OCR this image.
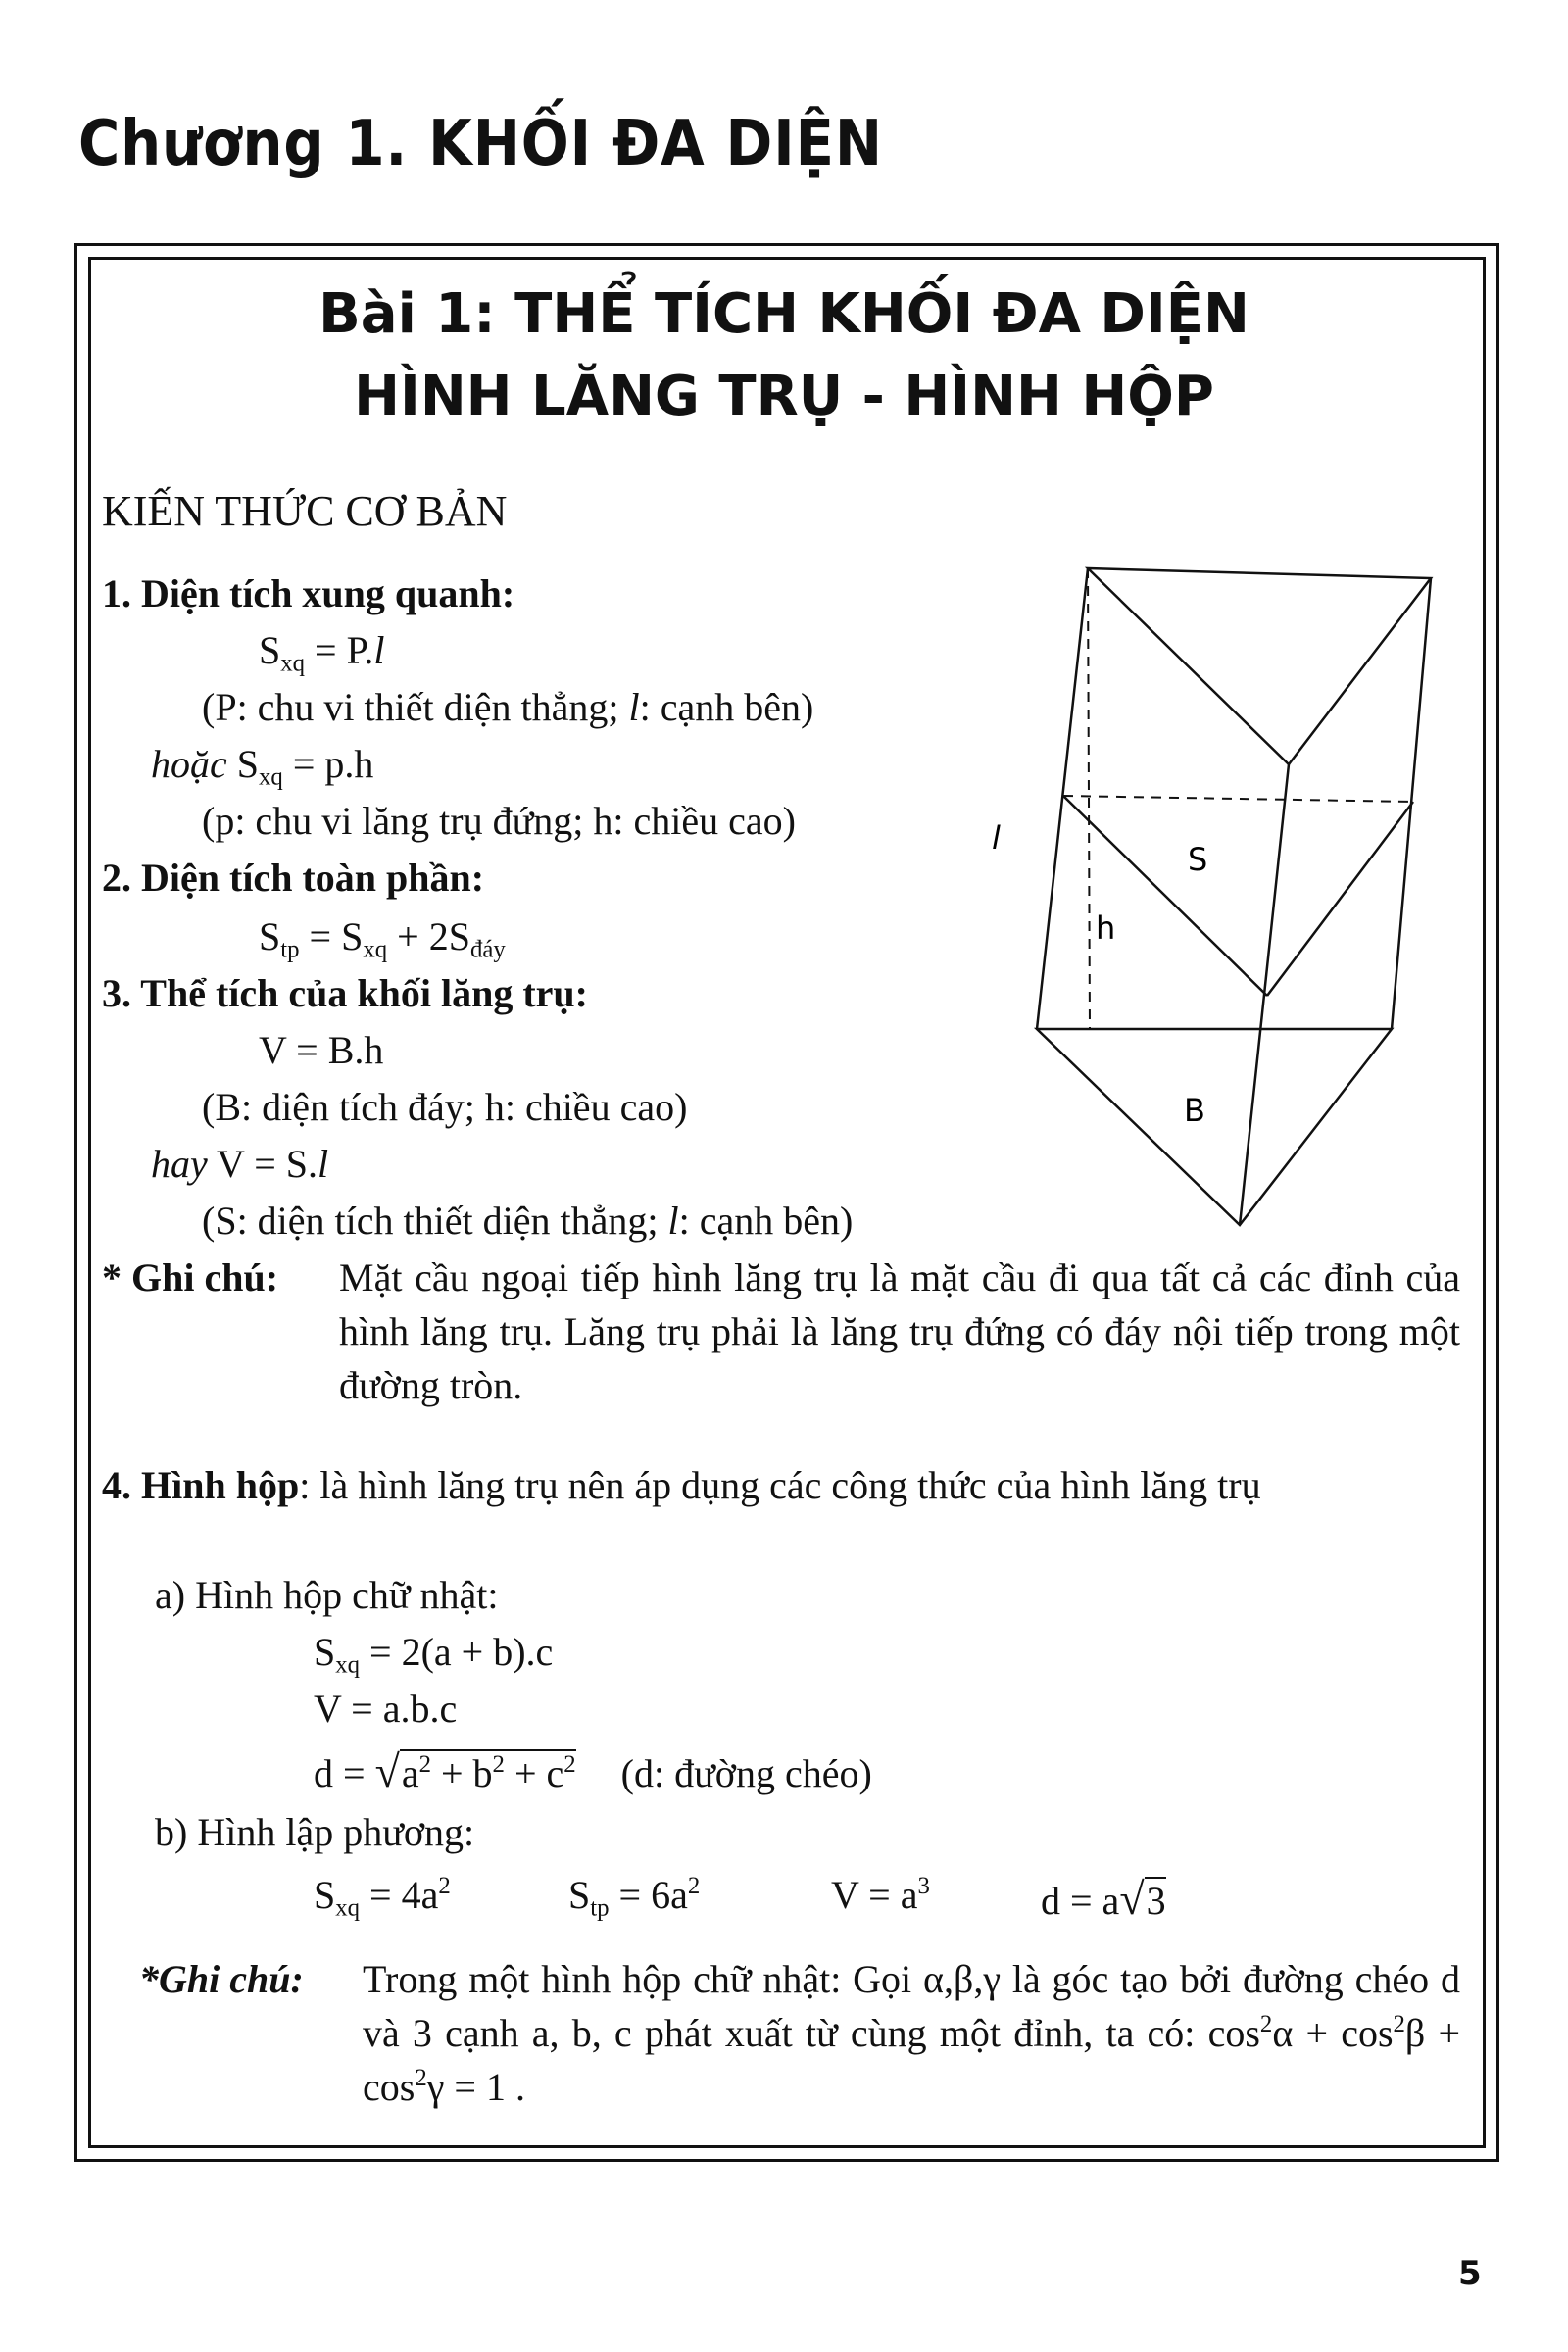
Chương 1. KHỐI ĐA DIỆN
Bài 1: THỂ TÍCH KHỐI ĐA DIỆN
HÌNH LĂNG TRỤ - HÌNH HỘP
KIẾN THỨC CƠ BẢN
1. Diện tích xung quanh:
$S_{xq} = P.l$
(P: chu vi thiết diện thẳng; l: cạnh bên)
hoặc $S_{xq} = p.h$
(p: chu vi lăng trụ đứng; h: chiều cao)
2. Diện tích toàn phần:
$S_{tp} = S_{xq} + 2S_{đáy}$
3. Thể tích của khối lăng trụ:
V = B.h
(B: diện tích đáy; h: chiều cao)
hay V = S.l
(S: diện tích thiết diện thẳng; l: cạnh bên)
* Ghi chú: Mặt cầu ngoại tiếp hình lăng trụ là mặt cầu đi qua tất cả các đỉnh của hình lăng trụ. Lăng trụ phải là lăng trụ đứng có đáy nội tiếp trong một đường tròn.
4. Hình hộp: là hình lăng trụ nên áp dụng các công thức của hình lăng trụ
a) Hình hộp chữ nhật:
$S_{xq} = 2(a + b).c$
V = a.b.c
$d = √a^2 + b^2 + c^2$ (d: đường chéo)
b) Hình lập phương:
$S_{xq} = 4a^2$	$S_{tp} = 6a^2$	$V = a^3$	d = a√3
*Ghi chú: Trong một hình hộp chữ nhật: Gọi α,β,γ là góc tạo bởi đường chéo d và 3 cạnh a, b, c phát xuất từ cùng một đỉnh, ta có: $\cos^2\alpha + \cos^2\beta + \cos^2\gamma = 1$ .
l
S
h
B
5
